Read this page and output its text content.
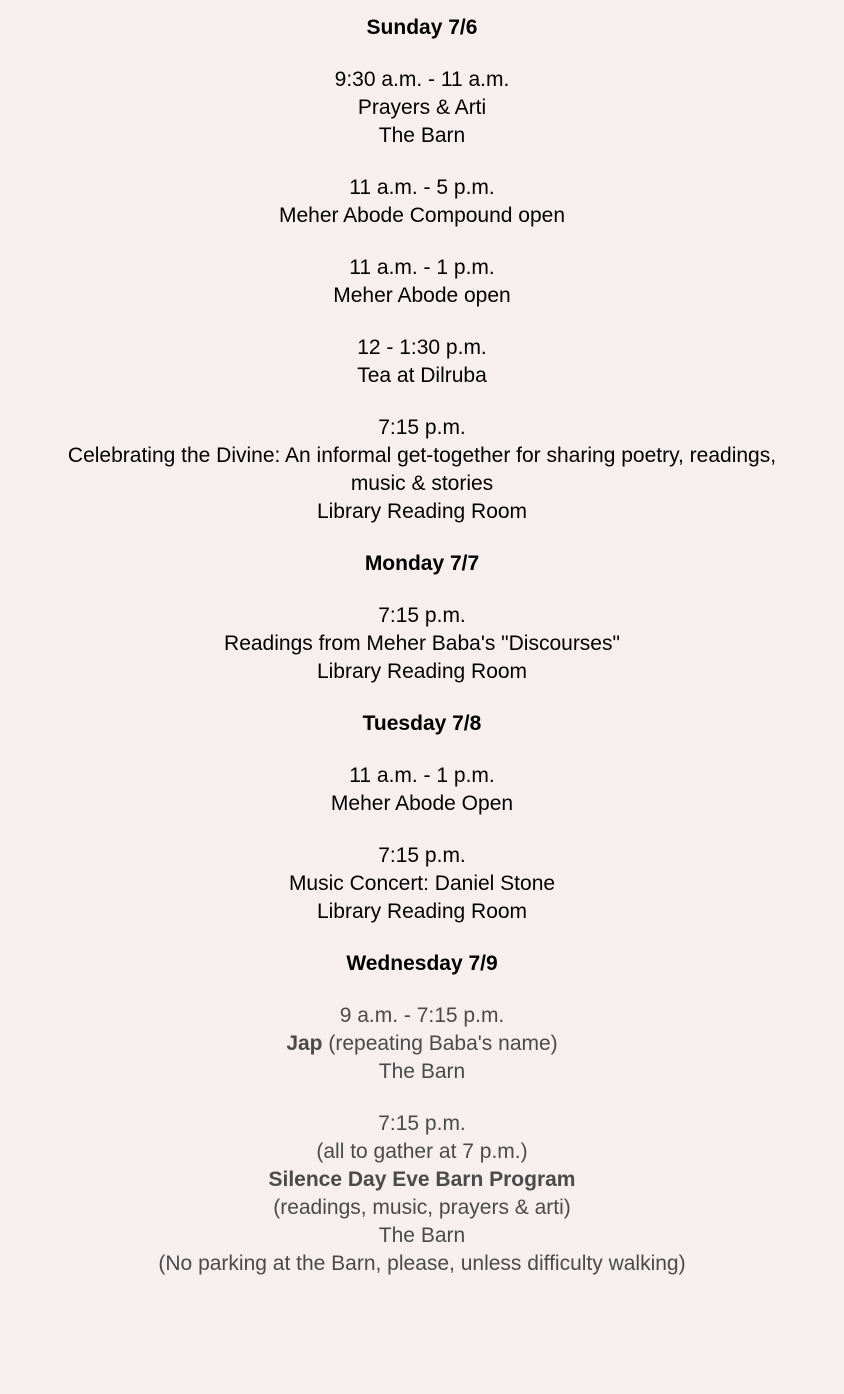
Sunday 7/6
9:30 a.m. - 11 a.m.
Prayers & Arti
The Barn
11 a.m. - 5 p.m.
Meher Abode Compound open
11 a.m. - 1 p.m.
Meher Abode open
12 - 1:30 p.m.
Tea at Dilruba
7:15 p.m.
Celebrating the Divine: An informal get-together for sharing poetry, readings, music & stories
Library Reading Room
Monday 7/7
7:15 p.m.
Readings from Meher Baba's "Discourses"
Library Reading Room
Tuesday 7/8
11 a.m. - 1 p.m.
Meher Abode Open
7:15 p.m.
Music Concert: Daniel Stone
Library Reading Room
Wednesday 7/9
9 a.m. - 7:15 p.m.
Jap (repeating Baba's name)
The Barn
7:15 p.m.
(all to gather at 7 p.m.)
Silence Day Eve Barn Program
(readings, music, prayers & arti)
The Barn
(No parking at the Barn, please, unless difficulty walking)
